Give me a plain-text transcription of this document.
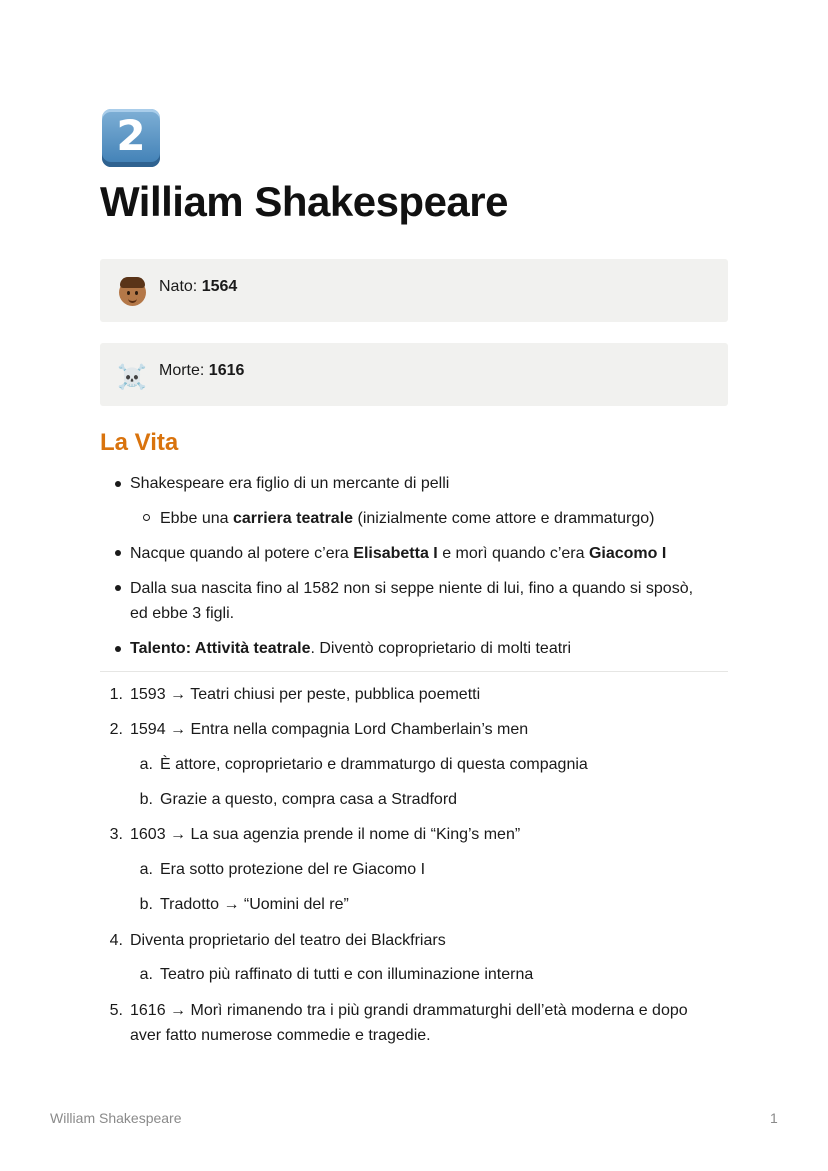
2
William Shakespeare
Nato: 1564
☠️ Morte: 1616
La Vita
Shakespeare era figlio di un mercante di pelli
Ebbe una carriera teatrale (inizialmente come attore e drammaturgo)
Nacque quando al potere c’era Elisabetta I e morì quando c’era Giacomo I
Dalla sua nascita fino al 1582 non si seppe niente di lui, fino a quando si sposò,
ed ebbe 3 figli.
Talento: Attività teatrale. Diventò coproprietario di molti teatri
1. 1593 → Teatri chiusi per peste, pubblica poemetti
2. 1594 → Entra nella compagnia Lord Chamberlain’s men
a. È attore, coproprietario e drammaturgo di questa compagnia
b. Grazie a questo, compra casa a Stradford
3. 1603 → La sua agenzia prende il nome di “King’s men”
a. Era sotto protezione del re Giacomo I
b. Tradotto → “Uomini del re”
4. Diventa proprietario del teatro dei Blackfriars
a. Teatro più raffinato di tutti e con illuminazione interna
5. 1616 → Morì rimanendo tra i più grandi drammaturghi dell’età moderna e dopo
aver fatto numerose commedie e tragedie.
William Shakespeare	1
